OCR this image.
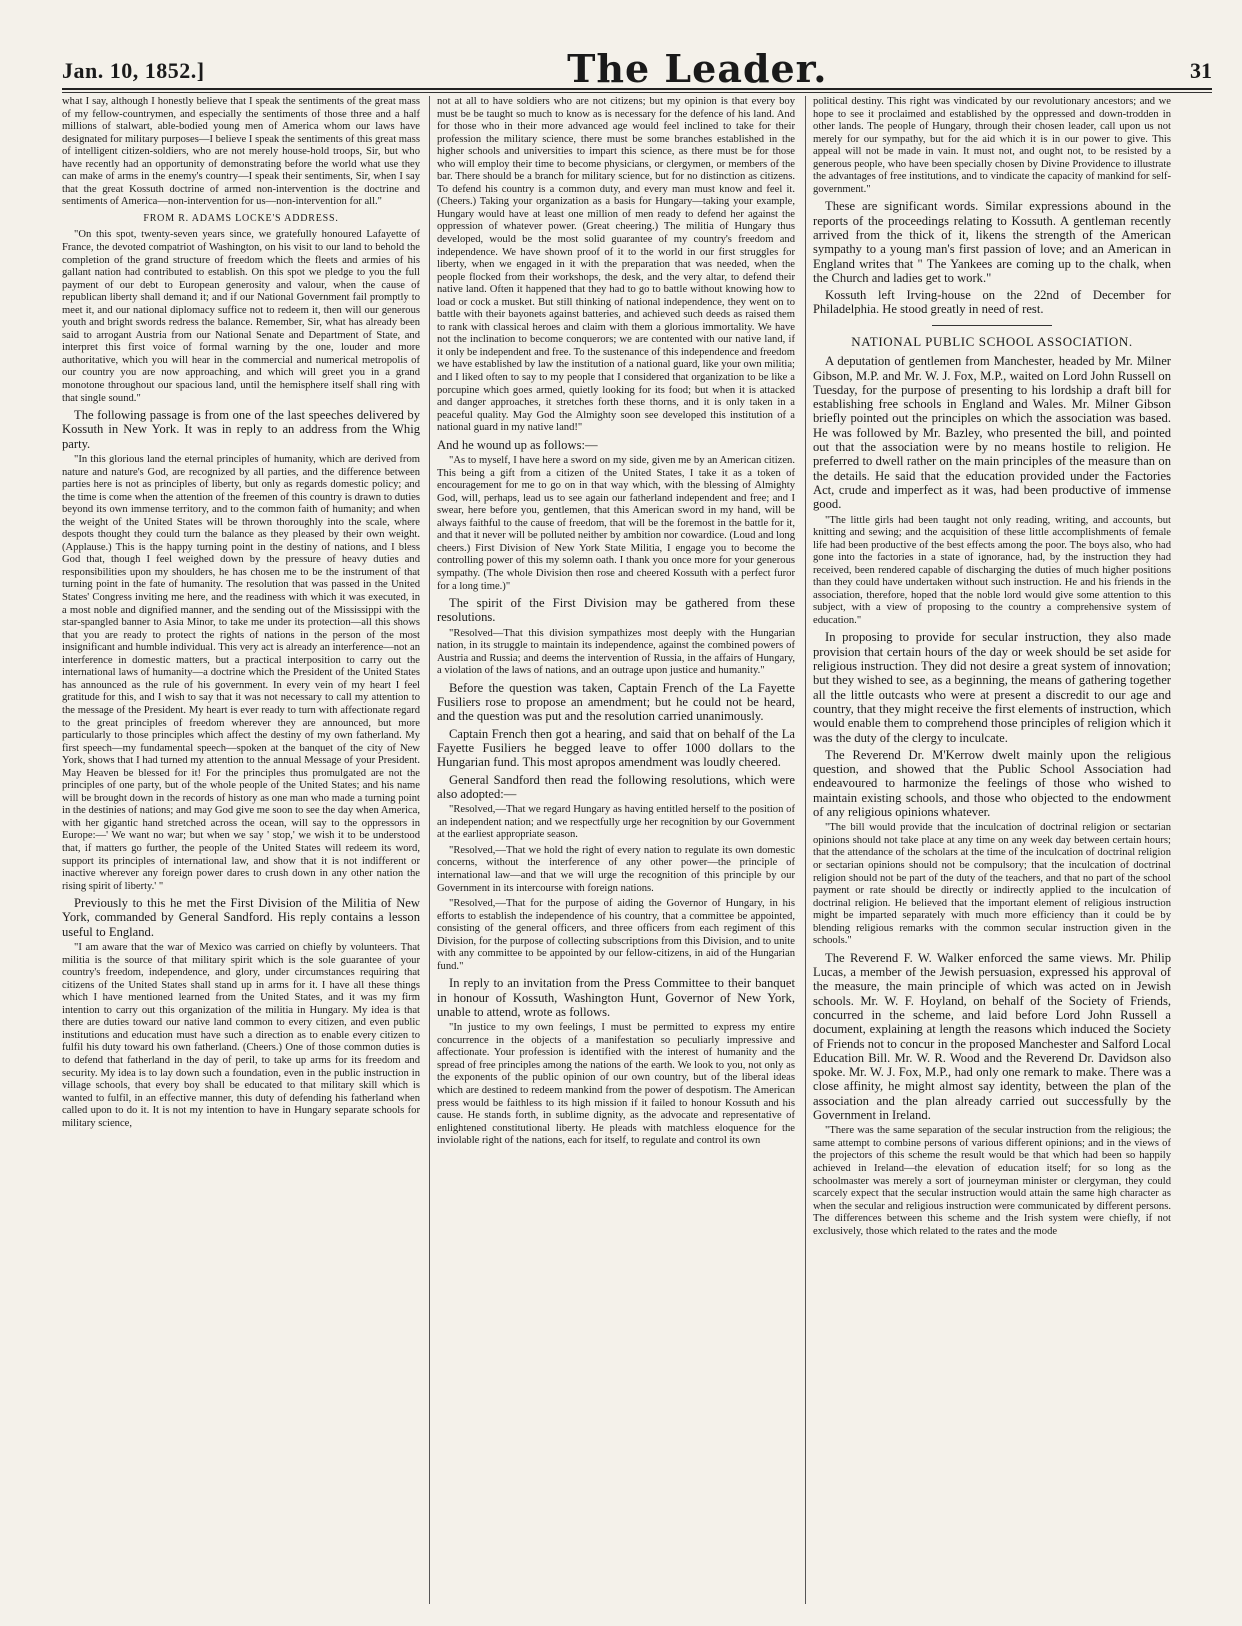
Jan. 10, 1852.]	The Leader.	31

what I say, although I honestly believe that I speak the sentiments of the great mass of my fellow-countrymen, and especially the sentiments of those three and a half millions of stalwart, able-bodied young men of America whom our laws have designated for military purposes—I believe I speak the sentiments of this great mass of intelligent citizen-soldiers, who are not merely house-hold troops, Sir, but who have recently had an opportunity of demonstrating before the world what use they can make of arms in the enemy's country—I speak their sentiments, Sir, when I say that the great Kossuth doctrine of armed non-intervention is the doctrine and sentiments of America—non-intervention for us—non-intervention for all."

FROM R. ADAMS LOCKE'S ADDRESS.

"On this spot, twenty-seven years since, we gratefully honoured Lafayette of France, the devoted compatriot of Washington, on his visit to our land to behold the completion of the grand structure of freedom which the fleets and armies of his gallant nation had contributed to establish. On this spot we pledge to you the full payment of our debt to European generosity and valour, when the cause of republican liberty shall demand it; and if our National Government fail promptly to meet it, and our national diplomacy suffice not to redeem it, then will our generous youth and bright swords redress the balance. Remember, Sir, what has already been said to arrogant Austria from our National Senate and Department of State, and interpret this first voice of formal warning by the one, louder and more authoritative, which you will hear in the commercial and numerical metropolis of our country you are now approaching, and which will greet you in a grand monotone throughout our spacious land, until the hemisphere itself shall ring with that single sound."

The following passage is from one of the last speeches delivered by Kossuth in New York. It was in reply to an address from the Whig party.

"In this glorious land the eternal principles of humanity, which are derived from nature and nature's God, are recognized by all parties, and the difference between parties here is not as principles of liberty, but only as regards domestic policy; and the time is come when the attention of the freemen of this country is drawn to duties beyond its own immense territory, and to the common faith of humanity; and when the weight of the United States will be thrown thoroughly into the scale, where despots thought they could turn the balance as they pleased by their own weight. (Applause.) This is the happy turning point in the destiny of nations, and I bless God that, though I feel weighed down by the pressure of heavy duties and responsibilities upon my shoulders, he has chosen me to be the instrument of that turning point in the fate of humanity. The resolution that was passed in the United States' Congress inviting me here, and the readiness with which it was executed, in a most noble and dignified manner, and the sending out of the Mississippi with the star-spangled banner to Asia Minor, to take me under its protection—all this shows that you are ready to protect the rights of nations in the person of the most insignificant and humble individual. This very act is already an interference—not an interference in domestic matters, but a practical interposition to carry out the international laws of humanity—a doctrine which the President of the United States has announced as the rule of his government. In every vein of my heart I feel gratitude for this, and I wish to say that it was not necessary to call my attention to the message of the President. My heart is ever ready to turn with affectionate regard to the great principles of freedom wherever they are announced, but more particularly to those principles which affect the destiny of my own fatherland. My first speech—my fundamental speech—spoken at the banquet of the city of New York, shows that I had turned my attention to the annual Message of your President. May Heaven be blessed for it! For the principles thus promulgated are not the principles of one party, but of the whole people of the United States; and his name will be brought down in the records of history as one man who made a turning point in the destinies of nations; and may God give me soon to see the day when America, with her gigantic hand stretched across the ocean, will say to the oppressors in Europe:—' We want no war; but when we say ' stop,' we wish it to be understood that, if matters go further, the people of the United States will redeem its word, support its principles of international law, and show that it is not indifferent or inactive wherever any foreign power dares to crush down in any other nation the rising spirit of liberty.' "

Previously to this he met the First Division of the Militia of New York, commanded by General Sandford. His reply contains a lesson useful to England.

"I am aware that the war of Mexico was carried on chiefly by volunteers. That militia is the source of that military spirit which is the sole guarantee of your country's freedom, independence, and glory, under circumstances requiring that citizens of the United States shall stand up in arms for it. I have all these things which I have mentioned learned from the United States, and it was my firm intention to carry out this organization of the militia in Hungary. My idea is that there are duties toward our native land common to every citizen, and even public institutions and education must have such a direction as to enable every citizen to fulfil his duty toward his own fatherland. (Cheers.) One of those common duties is to defend that fatherland in the day of peril, to take up arms for its freedom and security. My idea is to lay down such a foundation, even in the public instruction in village schools, that every boy shall be educated to that military skill which is wanted to fulfil, in an effective manner, this duty of defending his fatherland when called upon to do it. It is not my intention to have in Hungary separate schools for military science,

not at all to have soldiers who are not citizens; but my opinion is that every boy must be be taught so much to know as is necessary for the defence of his land. And for those who in their more advanced age would feel inclined to take for their profession the military science, there must be some branches established in the higher schools and universities to impart this science, as there must be for those who will employ their time to become physicians, or clergymen, or members of the bar. There should be a branch for military science, but for no distinction as citizens. To defend his country is a common duty, and every man must know and feel it. (Cheers.) Taking your organization as a basis for Hungary—taking your example, Hungary would have at least one million of men ready to defend her against the oppression of whatever power. (Great cheering.) The militia of Hungary thus developed, would be the most solid guarantee of my country's freedom and independence. We have shown proof of it to the world in our first struggles for liberty, when we engaged in it with the preparation that was needed, when the people flocked from their workshops, the desk, and the very altar, to defend their native land. Often it happened that they had to go to battle without knowing how to load or cock a musket. But still thinking of national independence, they went on to battle with their bayonets against batteries, and achieved such deeds as raised them to rank with classical heroes and claim with them a glorious immortality. We have not the inclination to become conquerors; we are contented with our native land, if it only be independent and free. To the sustenance of this independence and freedom we have established by law the institution of a national guard, like your own militia; and I liked often to say to my people that I considered that organization to be like a porcupine which goes armed, quietly looking for its food; but when it is attacked and danger approaches, it stretches forth these thorns, and it is only taken in a peaceful quality. May God the Almighty soon see developed this institution of a national guard in my native land!"

And he wound up as follows:—

"As to myself, I have here a sword on my side, given me by an American citizen. This being a gift from a citizen of the United States, I take it as a token of encouragement for me to go on in that way which, with the blessing of Almighty God, will, perhaps, lead us to see again our fatherland independent and free; and I swear, here before you, gentlemen, that this American sword in my hand, will be always faithful to the cause of freedom, that will be the foremost in the battle for it, and that it never will be polluted neither by ambition nor cowardice. (Loud and long cheers.) First Division of New York State Militia, I engage you to become the controlling power of this my solemn oath. I thank you once more for your generous sympathy. (The whole Division then rose and cheered Kossuth with a perfect furor for a long time.)"

The spirit of the First Division may be gathered from these resolutions.

"Resolved—That this division sympathizes most deeply with the Hungarian nation, in its struggle to maintain its independence, against the combined powers of Austria and Russia; and deems the intervention of Russia, in the affairs of Hungary, a violation of the laws of nations, and an outrage upon justice and humanity."

Before the question was taken, Captain French of the La Fayette Fusiliers rose to propose an amendment; but he could not be heard, and the question was put and the resolution carried unanimously.

Captain French then got a hearing, and said that on behalf of the La Fayette Fusiliers he begged leave to offer 1000 dollars to the Hungarian fund. This most apropos amendment was loudly cheered.

General Sandford then read the following resolutions, which were also adopted:—

"Resolved,—That we regard Hungary as having entitled herself to the position of an independent nation; and we respectfully urge her recognition by our Government at the earliest appropriate season.

"Resolved,—That we hold the right of every nation to regulate its own domestic concerns, without the interference of any other power—the principle of international law—and that we will urge the recognition of this principle by our Government in its intercourse with foreign nations.

"Resolved,—That for the purpose of aiding the Governor of Hungary, in his efforts to establish the independence of his country, that a committee be appointed, consisting of the general officers, and three officers from each regiment of this Division, for the purpose of collecting subscriptions from this Division, and to unite with any committee to be appointed by our fellow-citizens, in aid of the Hungarian fund."

In reply to an invitation from the Press Committee to their banquet in honour of Kossuth, Washington Hunt, Governor of New York, unable to attend, wrote as follows.

"In justice to my own feelings, I must be permitted to express my entire concurrence in the objects of a manifestation so peculiarly impressive and affectionate. Your profession is identified with the interest of humanity and the spread of free principles among the nations of the earth. We look to you, not only as the exponents of the public opinion of our own country, but of the liberal ideas which are destined to redeem mankind from the power of despotism. The American press would be faithless to its high mission if it failed to honour Kossuth and his cause. He stands forth, in sublime dignity, as the advocate and representative of enlightened constitutional liberty. He pleads with matchless eloquence for the inviolable right of the nations, each for itself, to regulate and control its own

political destiny. This right was vindicated by our revolutionary ancestors; and we hope to see it proclaimed and established by the oppressed and down-trodden in other lands. The people of Hungary, through their chosen leader, call upon us not merely for our sympathy, but for the aid which it is in our power to give. This appeal will not be made in vain. It must not, and ought not, to be resisted by a generous people, who have been specially chosen by Divine Providence to illustrate the advantages of free institutions, and to vindicate the capacity of mankind for self-government."

These are significant words. Similar expressions abound in the reports of the proceedings relating to Kossuth. A gentleman recently arrived from the thick of it, likens the strength of the American sympathy to a young man's first passion of love; and an American in England writes that " The Yankees are coming up to the chalk, when the Church and ladies get to work."

Kossuth left Irving-house on the 22nd of December for Philadelphia. He stood greatly in need of rest.

NATIONAL PUBLIC SCHOOL ASSOCIATION.

A deputation of gentlemen from Manchester, headed by Mr. Milner Gibson, M.P. and Mr. W. J. Fox, M.P., waited on Lord John Russell on Tuesday, for the purpose of presenting to his lordship a draft bill for establishing free schools in England and Wales. Mr. Milner Gibson briefly pointed out the principles on which the association was based. He was followed by Mr. Bazley, who presented the bill, and pointed out that the association were by no means hostile to religion. He preferred to dwell rather on the main principles of the measure than on the details. He said that the education provided under the Factories Act, crude and imperfect as it was, had been productive of immense good.

"The little girls had been taught not only reading, writing, and accounts, but knitting and sewing; and the acquisition of these little accomplishments of female life had been productive of the best effects among the poor. The boys also, who had gone into the factories in a state of ignorance, had, by the instruction they had received, been rendered capable of discharging the duties of much higher positions than they could have undertaken without such instruction. He and his friends in the association, therefore, hoped that the noble lord would give some attention to this subject, with a view of proposing to the country a comprehensive system of education."

In proposing to provide for secular instruction, they also made provision that certain hours of the day or week should be set aside for religious instruction. They did not desire a great system of innovation; but they wished to see, as a beginning, the means of gathering together all the little outcasts who were at present a discredit to our age and country, that they might receive the first elements of instruction, which would enable them to comprehend those principles of religion which it was the duty of the clergy to inculcate.

The Reverend Dr. M'Kerrow dwelt mainly upon the religious question, and showed that the Public School Association had endeavoured to harmonize the feelings of those who wished to maintain existing schools, and those who objected to the endowment of any religious opinions whatever.

"The bill would provide that the inculcation of doctrinal religion or sectarian opinions should not take place at any time on any week day between certain hours; that the attendance of the scholars at the time of the inculcation of doctrinal religion or sectarian opinions should not be compulsory; that the inculcation of doctrinal religion should not be part of the duty of the teachers, and that no part of the school payment or rate should be directly or indirectly applied to the inculcation of doctrinal religion. He believed that the important element of religious instruction might be imparted separately with much more efficiency than it could be by blending religious remarks with the common secular instruction given in the schools."

The Reverend F. W. Walker enforced the same views. Mr. Philip Lucas, a member of the Jewish persuasion, expressed his approval of the measure, the main principle of which was acted on in Jewish schools. Mr. W. F. Hoyland, on behalf of the Society of Friends, concurred in the scheme, and laid before Lord John Russell a document, explaining at length the reasons which induced the Society of Friends not to concur in the proposed Manchester and Salford Local Education Bill. Mr. W. R. Wood and the Reverend Dr. Davidson also spoke. Mr. W. J. Fox, M.P., had only one remark to make. There was a close affinity, he might almost say identity, between the plan of the association and the plan already carried out successfully by the Government in Ireland.

"There was the same separation of the secular instruction from the religious; the same attempt to combine persons of various different opinions; and in the views of the projectors of this scheme the result would be that which had been so happily achieved in Ireland—the elevation of education itself; for so long as the schoolmaster was merely a sort of journeyman minister or clergyman, they could scarcely expect that the secular instruction would attain the same high character as when the secular and religious instruction were communicated by different persons. The differences between this scheme and the Irish system were chiefly, if not exclusively, those which related to the rates and the mode
